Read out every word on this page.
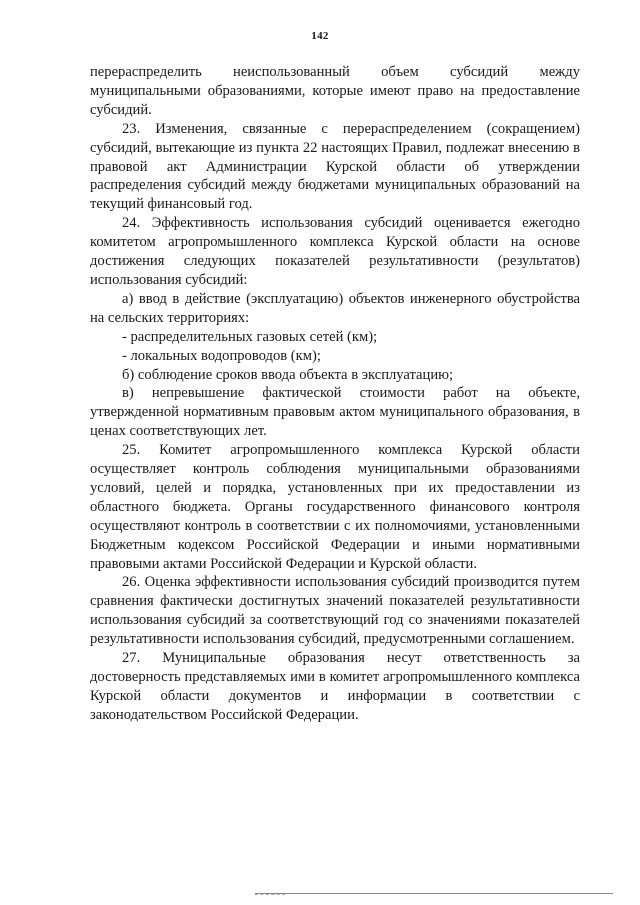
142

перераспределить неиспользованный объем субсидий между муниципальными образованиями, которые имеют право на предоставление субсидий.

23. Изменения, связанные с перераспределением (сокращением) субсидий, вытекающие из пункта 22 настоящих Правил, подлежат внесению в правовой акт Администрации Курской области об утверждении распределения субсидий между бюджетами муниципальных образований на текущий финансовый год.

24. Эффективность использования субсидий оценивается ежегодно комитетом агропромышленного комплекса Курской области на основе достижения следующих показателей результативности (результатов) использования субсидий:

а) ввод в действие (эксплуатацию) объектов инженерного обустройства на сельских территориях:

- распределительных газовых сетей (км);

- локальных водопроводов (км);

б) соблюдение сроков ввода объекта в эксплуатацию;

в) непревышение фактической стоимости работ на объекте, утвержденной нормативным правовым актом муниципального образования, в ценах соответствующих лет.

25. Комитет агропромышленного комплекса Курской области осуществляет контроль соблюдения муниципальными образованиями условий, целей и порядка, установленных при их предоставлении из областного бюджета. Органы государственного финансового контроля осуществляют контроль в соответствии с их полномочиями, установленными Бюджетным кодексом Российской Федерации и иными нормативными правовыми актами Российской Федерации и Курской области.

26. Оценка эффективности использования субсидий производится путем сравнения фактически достигнутых значений показателей результативности использования субсидий за соответствующий год со значениями показателей результативности использования субсидий, предусмотренными соглашением.

27. Муниципальные образования несут ответственность за достоверность представляемых ими в комитет агропромышленного комплекса Курской области документов и информации в соответствии с законодательством Российской Федерации.
